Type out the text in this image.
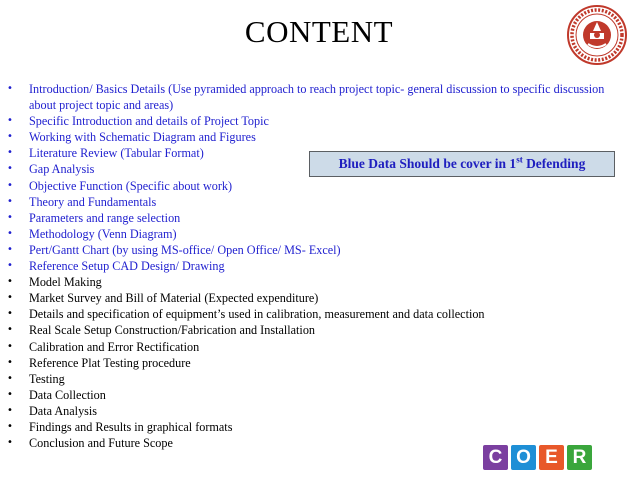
CONTENT
•	Introduction/ Basics Details (Use pyramided approach to reach project topic- general discussion to specific discussion about project topic and areas)
•	Specific Introduction and details of Project Topic
•	Working with Schematic Diagram and Figures
•	Literature Review (Tabular Format)
•	Gap Analysis
•	Objective Function (Specific about work)
•	Theory and Fundamentals
•	Parameters and range selection
•	Methodology (Venn Diagram)
•	Pert/Gantt Chart (by using MS-office/ Open Office/ MS- Excel)
•	Reference Setup CAD Design/ Drawing
•	Model Making
•	Market Survey and Bill of Material (Expected expenditure)
•	Details and specification of equipment’s used in calibration, measurement and data collection
•	Real Scale Setup Construction/Fabrication and Installation
•	Calibration and Error Rectification
•	Reference Plat Testing procedure
•	Testing
•	Data Collection
•	Data Analysis
•	Findings and Results in graphical formats
•	Conclusion and Future Scope
Blue Data Should be cover in 1st Defending
C O E R
